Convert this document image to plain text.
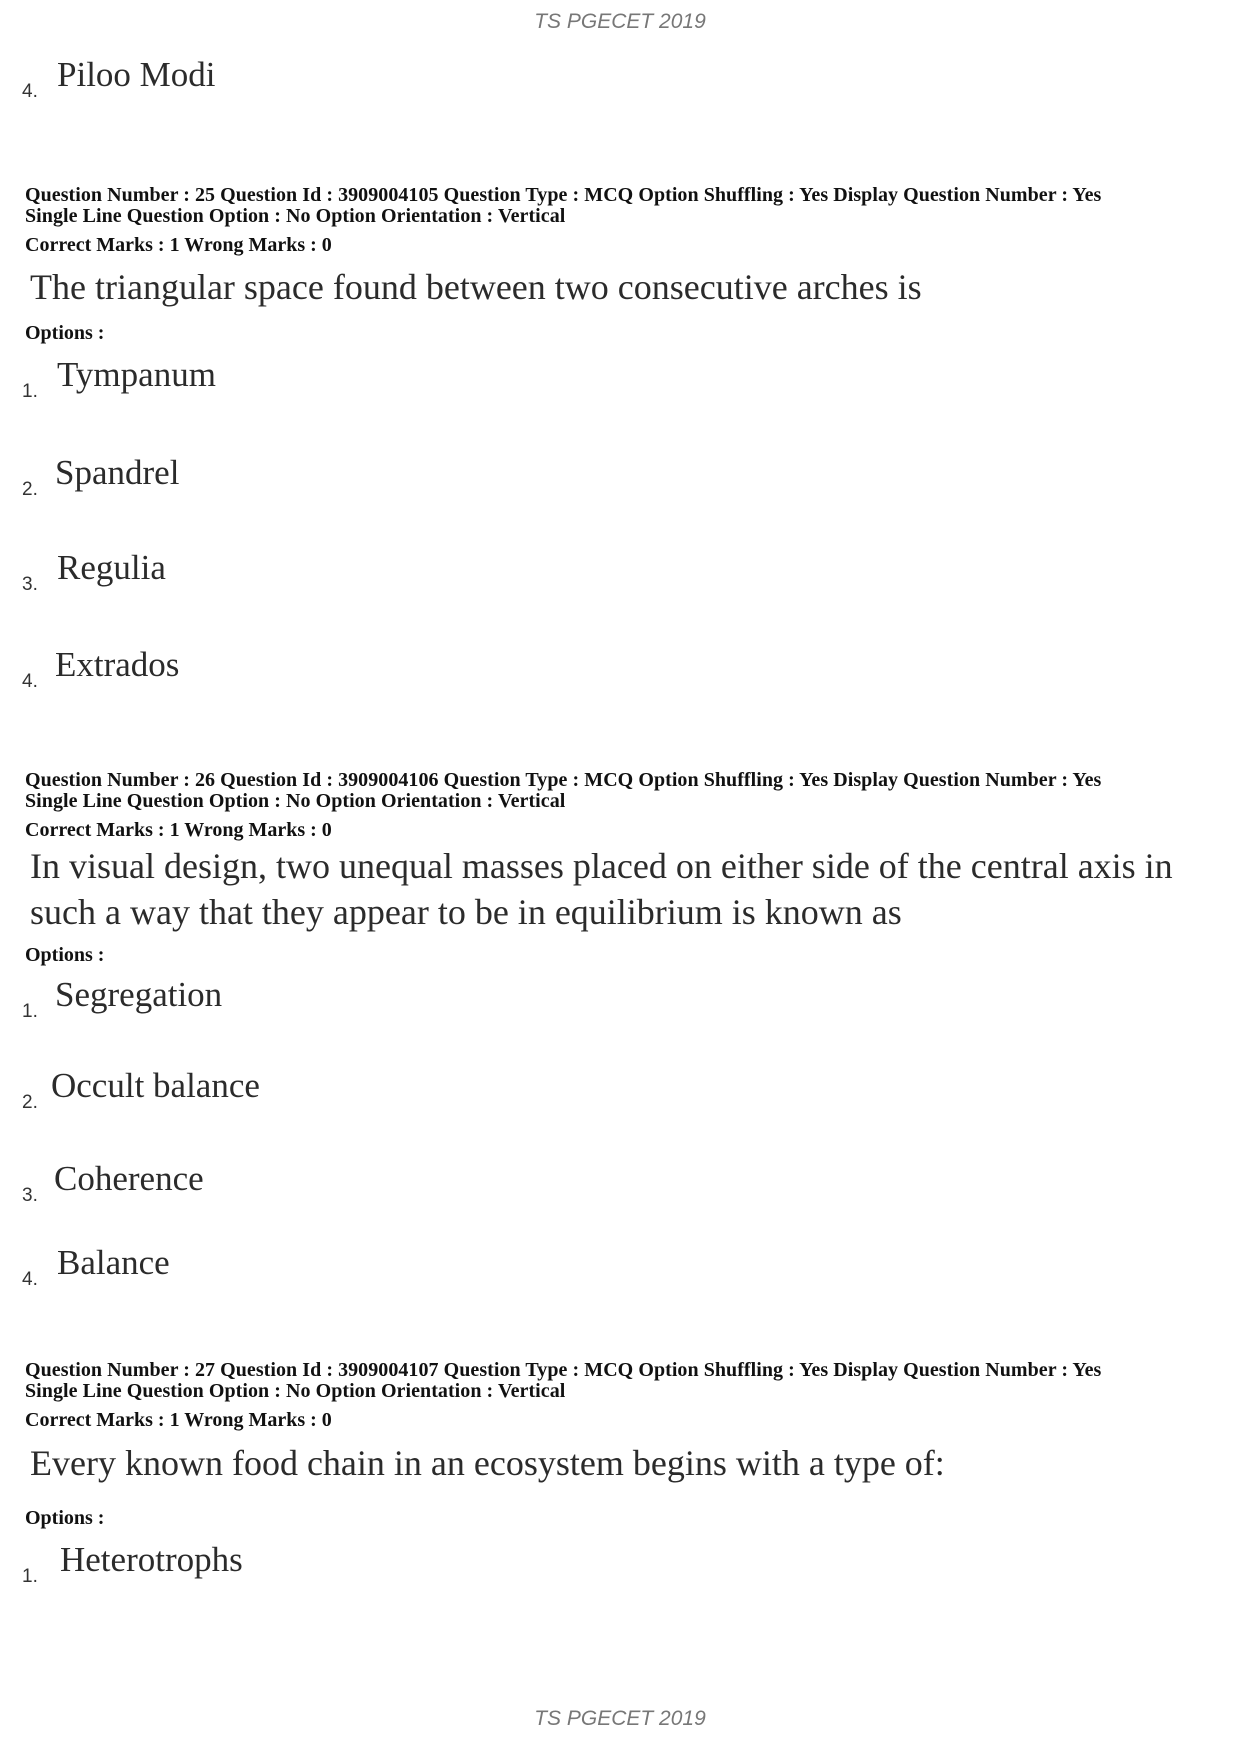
TS PGECET 2019
4. Piloo Modi
Question Number : 25 Question Id : 3909004105 Question Type : MCQ Option Shuffling : Yes Display Question Number : Yes
Single Line Question Option : No Option Orientation : Vertical
Correct Marks : 1 Wrong Marks : 0
The triangular space found between two consecutive arches is
Options :
1. Tympanum
2. Spandrel
3. Regulia
4. Extrados
Question Number : 26 Question Id : 3909004106 Question Type : MCQ Option Shuffling : Yes Display Question Number : Yes
Single Line Question Option : No Option Orientation : Vertical
Correct Marks : 1 Wrong Marks : 0
In visual design, two unequal masses placed on either side of the central axis in such a way that they appear to be in equilibrium is known as
Options :
1. Segregation
2. Occult balance
3. Coherence
4. Balance
Question Number : 27 Question Id : 3909004107 Question Type : MCQ Option Shuffling : Yes Display Question Number : Yes
Single Line Question Option : No Option Orientation : Vertical
Correct Marks : 1 Wrong Marks : 0
Every known food chain in an ecosystem begins with a type of:
Options :
1. Heterotrophs
TS PGECET 2019
